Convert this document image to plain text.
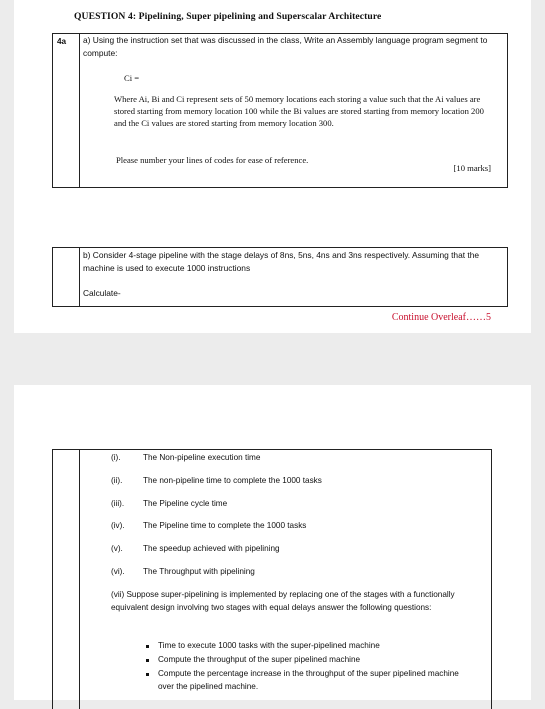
QUESTION 4: Pipelining, Super pipelining and Superscalar Architecture
4a a) Using the instruction set that was discussed in the class, Write an Assembly language program segment to compute:
Ci =
Where Ai, Bi and Ci represent sets of 50 memory locations each storing a value such that the Ai values are stored starting from memory location 100 while the Bi values are stored starting from memory location 200 and the Ci values are stored starting from memory location 300.
Please number your lines of codes for ease of reference.
[10 marks]
b) Consider 4-stage pipeline with the stage delays of 8ns, 5ns, 4ns and 3ns respectively. Assuming that the machine is used to execute 1000 instructions
Calculate-
Continue Overleaf……5
(i).	The Non-pipeline execution time
(ii).	The non-pipeline time to complete the 1000 tasks
(iii). The Pipeline cycle time
(iv). The Pipeline time to complete the 1000 tasks
(v). The speedup achieved with pipelining
(vi). The Throughput with pipelining
(vii) Suppose super-pipelining is implemented by replacing one of the stages with a functionally equivalent design involving two stages with equal delays answer the following questions:
Time to execute 1000 tasks with the super-pipelined machine
Compute the throughput of the super pipelined machine
Compute the percentage increase in the throughput of the super pipelined machine over the pipelined machine.
